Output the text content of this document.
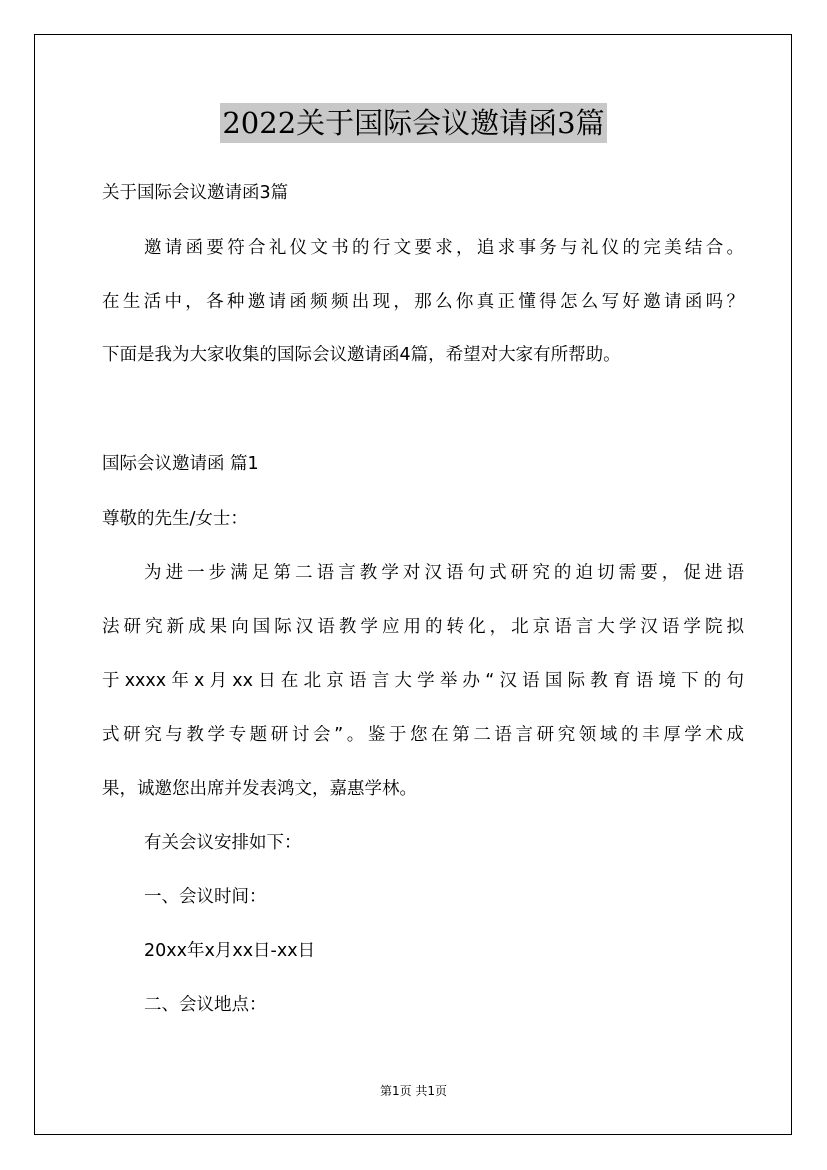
2022关于国际会议邀请函3篇
关于国际会议邀请函3篇
邀请函要符合礼仪文书的行文要求，追求事务与礼仪的完美结合。
在生活中，各种邀请函频频出现，那么你真正懂得怎么写好邀请函吗？
下面是我为大家收集的国际会议邀请函4篇，希望对大家有所帮助。
国际会议邀请函 篇1
尊敬的先生/女士：
为进一步满足第二语言教学对汉语句式研究的迫切需要，促进语
法研究新成果向国际汉语教学应用的转化，北京语言大学汉语学院拟
于xxxx年x月xx日在北京语言大学举办“汉语国际教育语境下的句
式研究与教学专题研讨会”。鉴于您在第二语言研究领域的丰厚学术成
果，诚邀您出席并发表鸿文，嘉惠学林。
有关会议安排如下：
一、会议时间：
20xx年x月xx日-xx日
二、会议地点：
第1页 共1页
